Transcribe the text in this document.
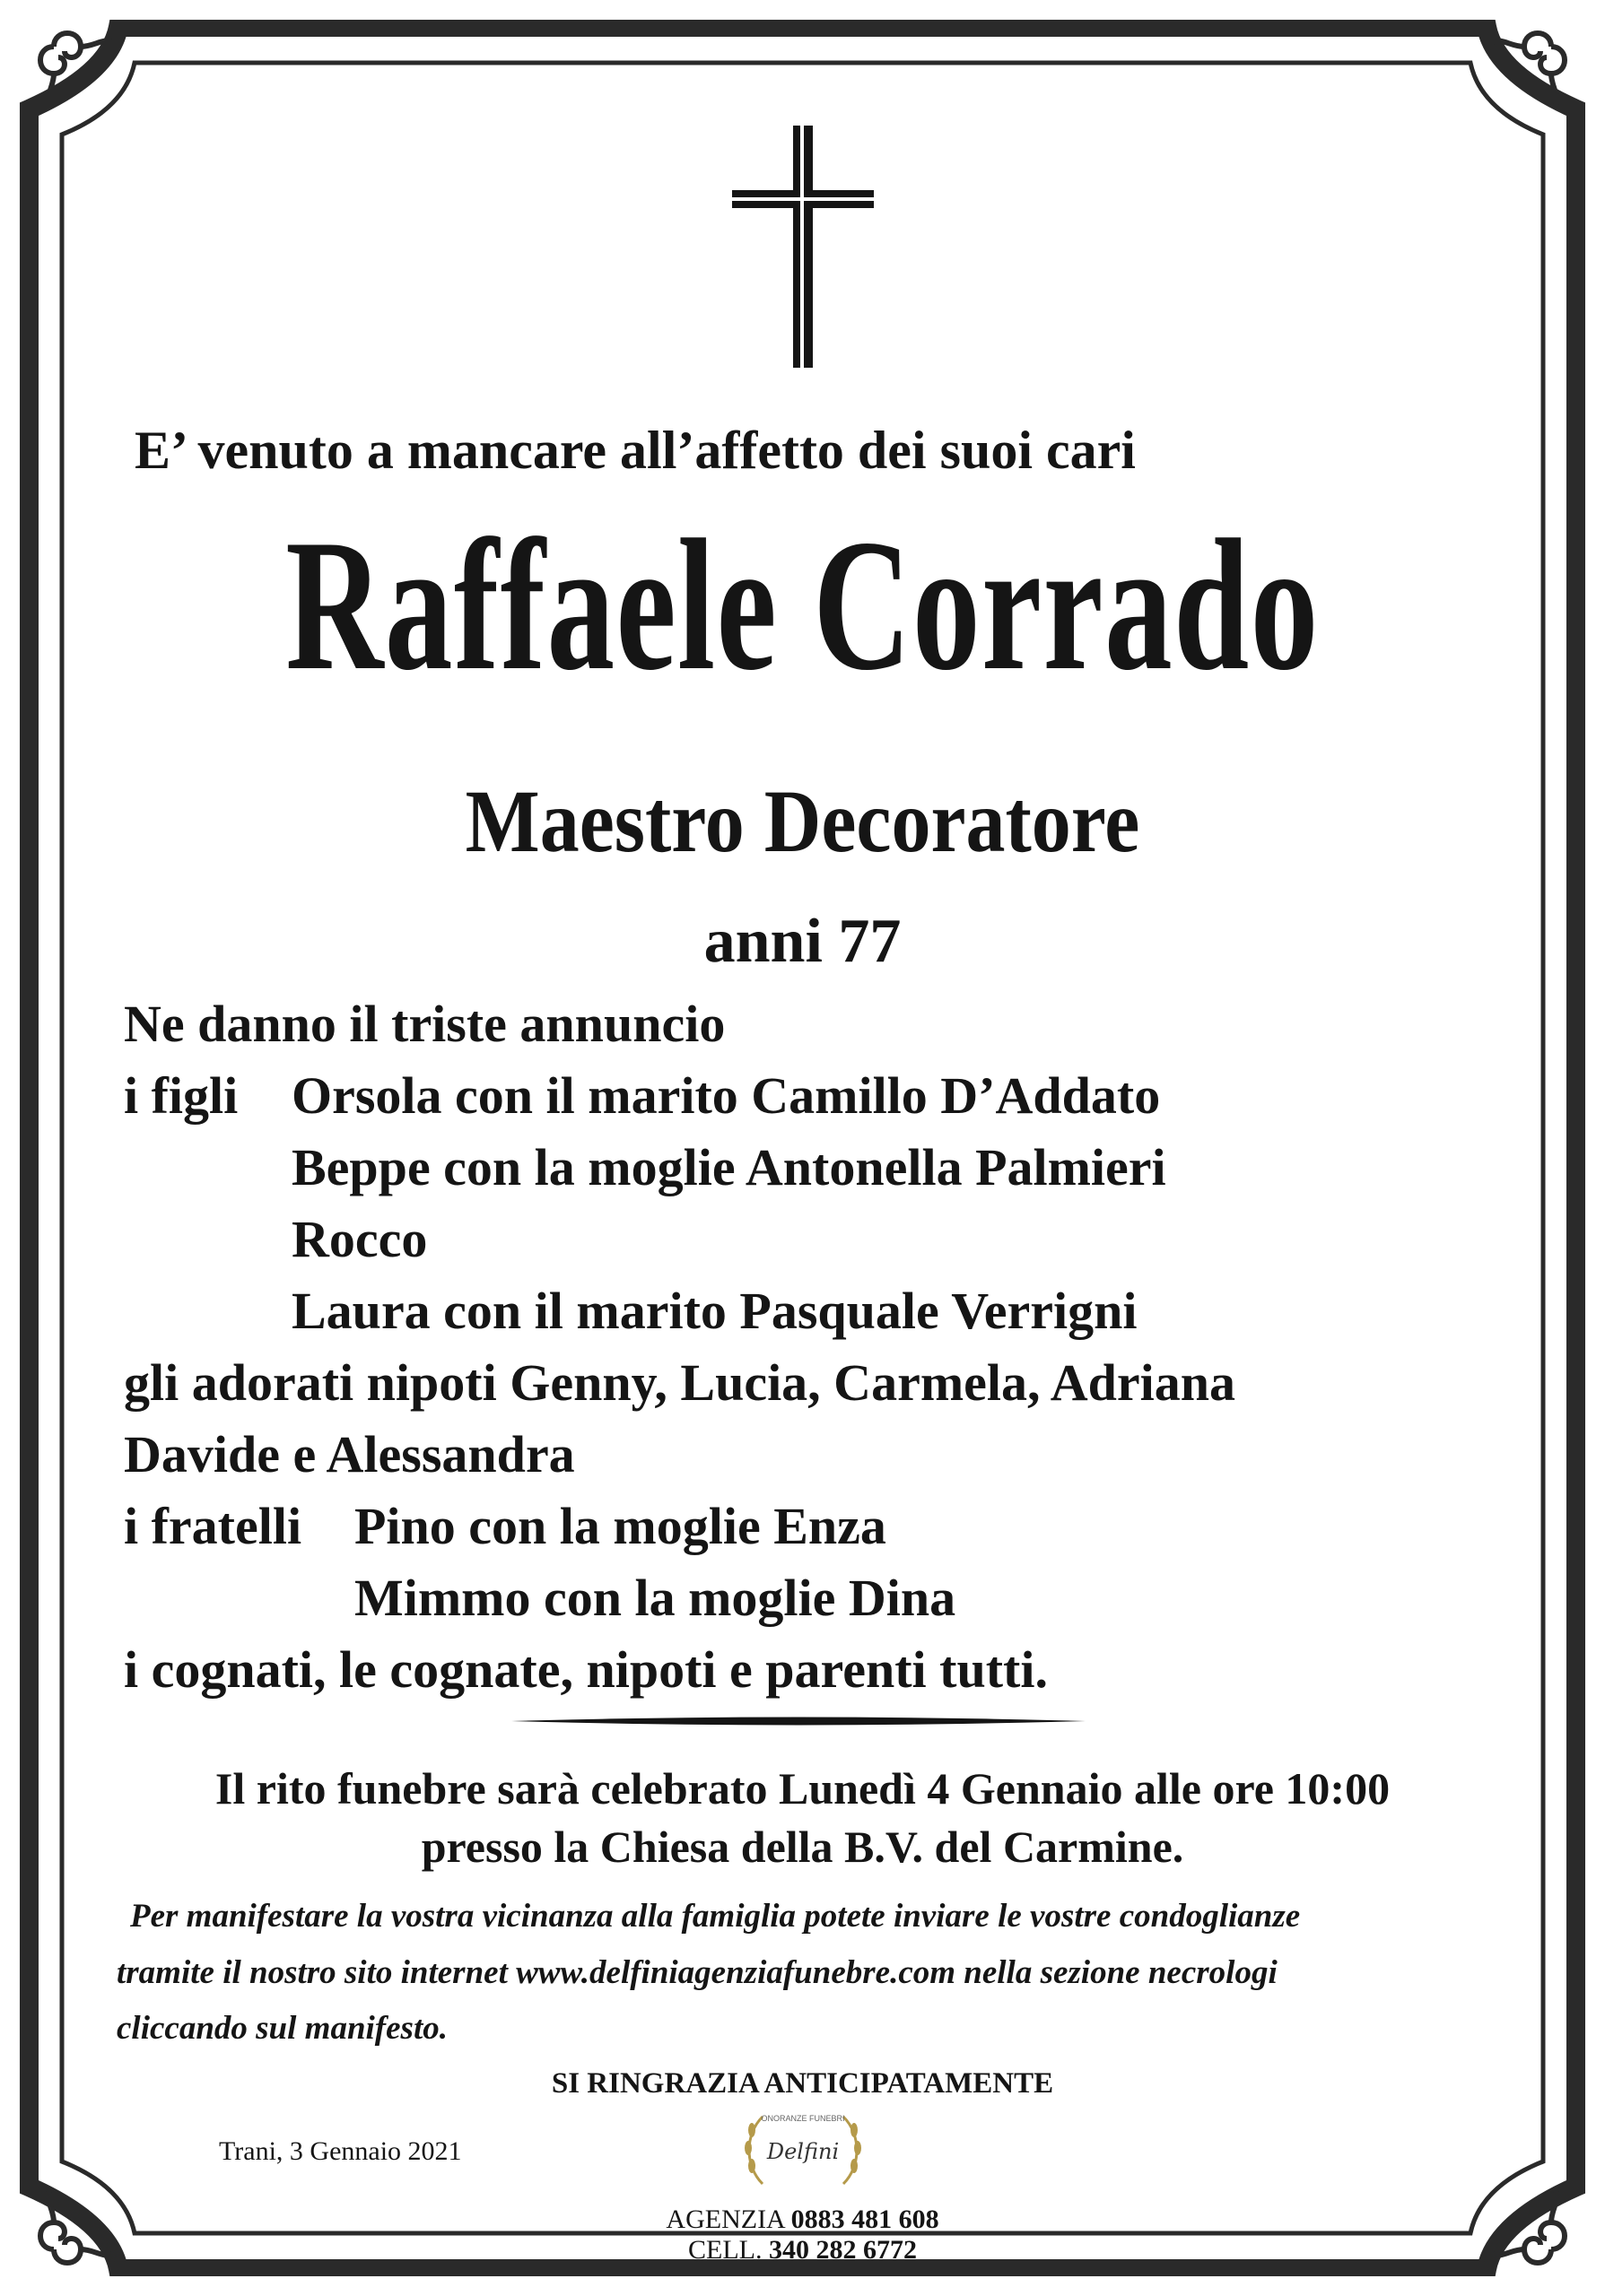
E’ venuto a mancare all’affetto dei suoi cari
Raffaele Corrado
Maestro Decoratore
anni 77
Ne danno il triste annuncio
i figli Orsola con il marito Camillo D’Addato
Beppe con la moglie Antonella Palmieri
Rocco
Laura con il marito Pasquale Verrigni
gli adorati nipoti Genny, Lucia, Carmela, Adriana
Davide e Alessandra
i fratelli Pino con la moglie Enza
Mimmo con la moglie Dina
i cognati, le cognate, nipoti e parenti tutti.
Il rito funebre sarà celebrato Lunedì 4 Gennaio alle ore 10:00
presso la Chiesa della B.V. del Carmine.
Per manifestare la vostra vicinanza alla famiglia potete inviare le vostre condoglianze
tramite il nostro sito internet www.delfiniagenziafunebre.com nella sezione necrologi
cliccando sul manifesto.
SI RINGRAZIA ANTICIPATAMENTE
Trani, 3 Gennaio 2021
ONORANZE FUNEBRI
Delfini
AGENZIA 0883 481 608
CELL. 340 282 6772
